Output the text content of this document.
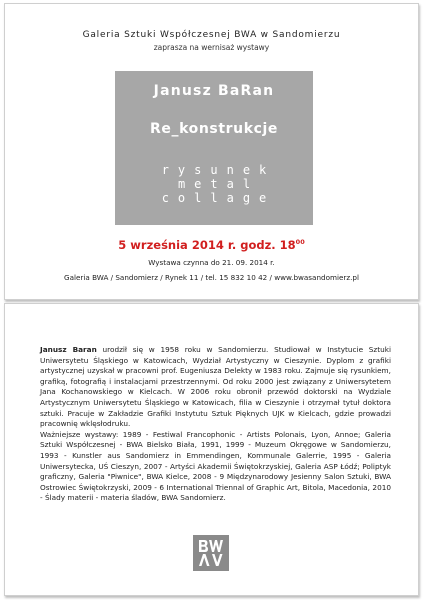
Galeria Sztuki Współczesnej BWA w Sandomierzu
zaprasza na wernisaż wystawy
Janusz BaRan
Re_konstrukcje
rysunek
metal
collage
5 września 2014 r. godz. $18^{00}$
Wystawa czynna do 21. 09. 2014 r.
Galeria BWA / Sandomierz / Rynek 11 / tel. 15 832 10 42 / www.bwasandomierz.pl

Janusz Baran urodził się w 1958 roku w Sandomierzu. Studiował w Instytucie Sztuki Uniwersytetu Śląskiego w Katowicach, Wydział Artystyczny w Cieszynie. Dyplom z grafiki artystycznej uzyskał w pracowni prof. Eugeniusza Delekty w 1983 roku. Zajmuje się rysunkiem, grafiką, fotografią i instalacjami przestrzennymi. Od roku 2000 jest związany z Uniwersytetem Jana Kochanowskiego w Kielcach. W 2006 roku obronił przewód doktorski na Wydziale Artystycznym Uniwersytetu Śląskiego w Katowicach, filia w Cieszynie i otrzymał tytuł doktora sztuki. Pracuje w Zakładzie Grafiki Instytutu Sztuk Pięknych UJK w Kielcach, gdzie prowadzi pracownię wklęsłodruku.

Ważniejsze wystawy: 1989 - Festiwal Francophonic - Artists Polonais, Lyon, Annoe; Galeria Sztuki Współczesnej - BWA Bielsko Biała, 1991, 1999 - Muzeum Okręgowe w Sandomierzu, 1993 - Kunstler aus Sandomierz in Emmendingen, Kommunale Galerrie, 1995 - Galeria Uniwersytecka, UŚ Cieszyn, 2007 - Artyści Akademii Świętokrzyskiej, Galeria ASP Łódź; Poliptyk graficzny, Galeria "Piwnice", BWA Kielce, 2008 - 9 Międzynarodowy Jesienny Salon Sztuki, BWA Ostrowiec Świętokrzyski, 2009 - 6 International Triennal of Graphic Art, Bitola, Macedonia, 2010 - Ślady materii - materia śladów, BWA Sandomierz.
